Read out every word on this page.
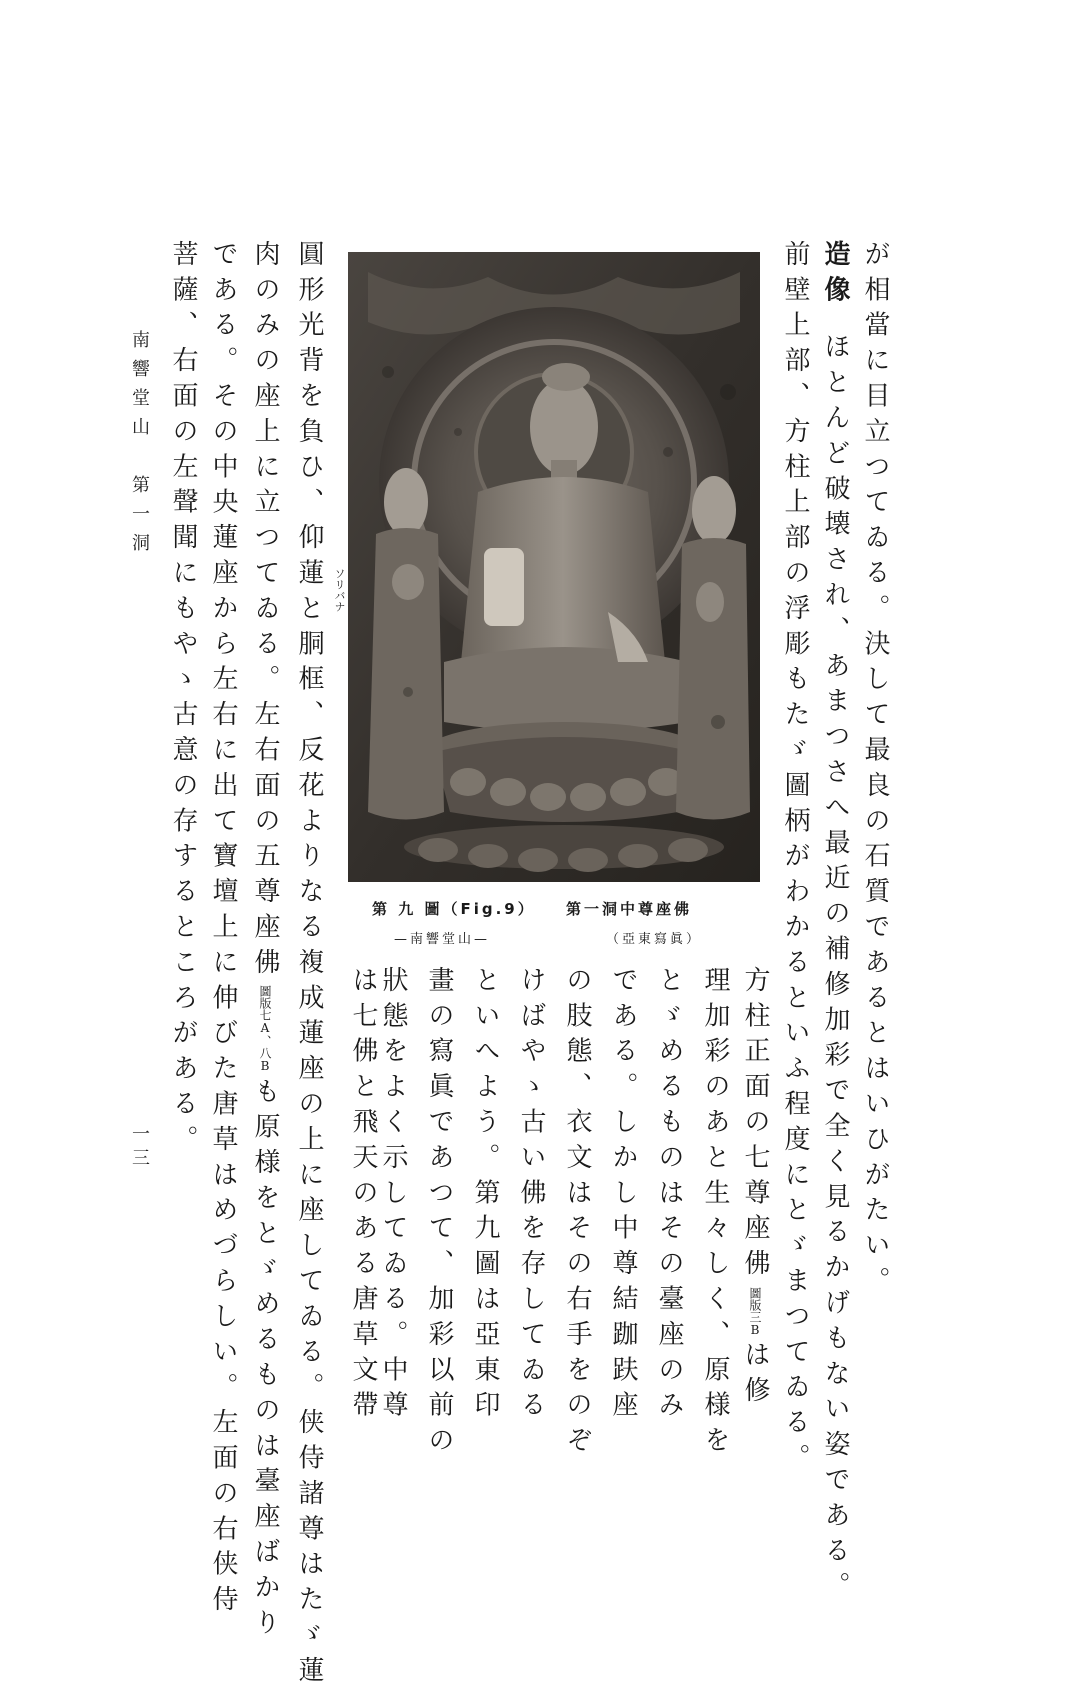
が相當に目立つてゐる。決して最良の石質であるとはいひがたい。
造像ほとんど破壊され、あまつさへ最近の補修加彩で全く見るかげもない姿である。
前壁上部、方柱上部の浮彫もたゞ圖柄がわかるといふ程度にとゞまつてゐる。
方柱正面の七尊座佛圖版三Bは修
理加彩のあと生々しく、原様を
とゞめるものはその臺座のみ
である。しかし中尊結跏趺座
の肢態、衣文はその右手をのぞ
けばやゝ古い佛を存してゐる
といへよう。第九圖は亞東印
畫の寫眞であつて、加彩以前の
狀態をよく示してゐる。中尊
は七佛と飛天のある唐草文帶
ソリバナ
圓形光背を負ひ、仰蓮と胴框、反花よりなる複成蓮座の上に座してゐる。侠侍諸尊はたゞ蓮
肉のみの座上に立つてゐる。左右面の五尊座佛圖版七A、八Bも原様をとゞめるものは臺座ばかり
である。その中央蓮座から左右に出て寶壇上に伸びた唐草はめづらしい。左面の右侠侍
菩薩、右面の左聲聞にもやゝ古意の存するところがある。
南響堂山　第一洞
一三
第 九 圖（Fig.9） 第一洞中尊座佛
—南響堂山—	（亞東寫眞）
